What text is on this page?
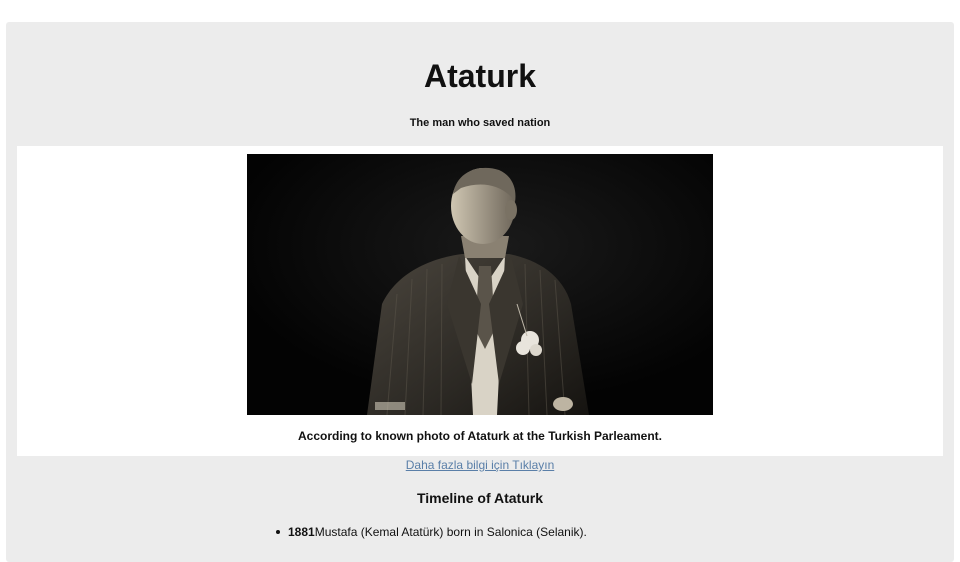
Ataturk
The man who saved nation
According to known photo of Ataturk at the Turkish Parleament.
Daha fazla bilgi için Tıklayın
Timeline of Ataturk
1881Mustafa (Kemal Atatürk) born in Salonica (Selanik).
